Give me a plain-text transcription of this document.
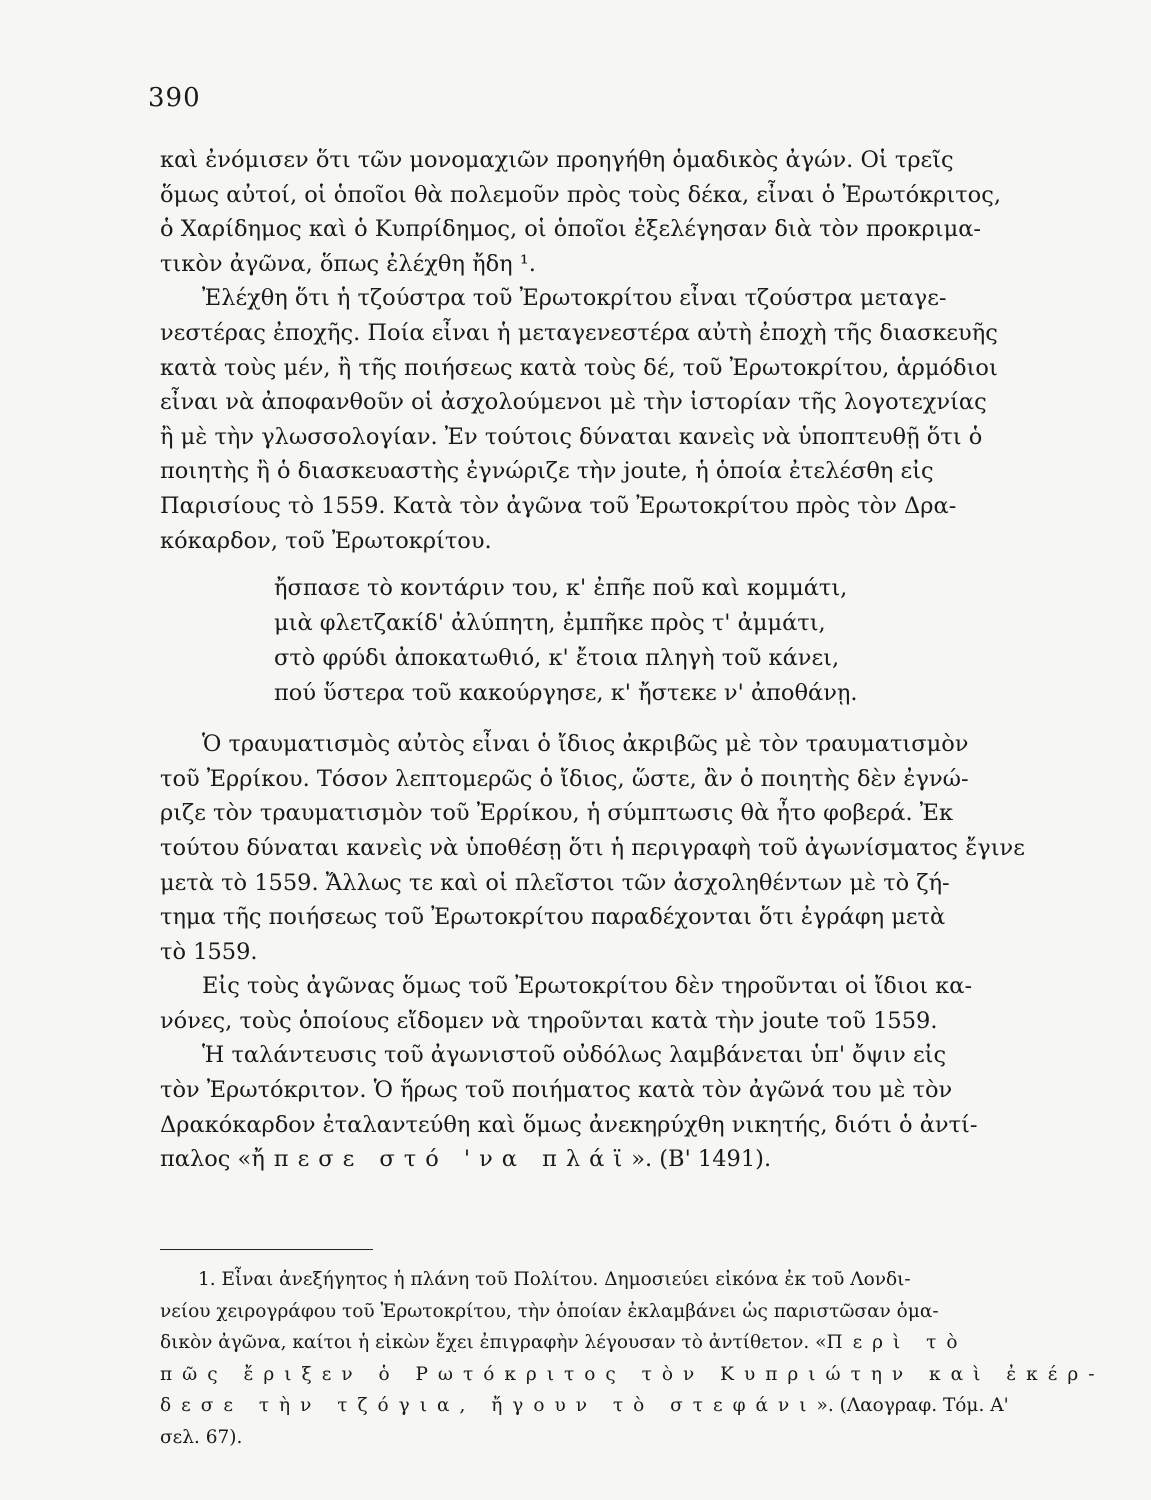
390
καὶ ἐνόμισεν ὅτι τῶν μονομαχιῶν προηγήθη ὁμαδικὸς ἀγών. Οἱ τρεῖς
ὅμως αὐτοί, οἱ ὁποῖοι θὰ πολεμοῦν πρὸς τοὺς δέκα, εἶναι ὁ Ἐρωτόκριτος,
ὁ Χαρίδημος καὶ ὁ Κυπρίδημος, οἱ ὁποῖοι ἐξελέγησαν διὰ τὸν προκριμα-
τικὸν ἀγῶνα, ὅπως ἐλέχθη ἤδη ¹.
Ἐλέχθη ὅτι ἡ τζούστρα τοῦ Ἐρωτοκρίτου εἶναι τζούστρα μεταγε-
νεστέρας ἐποχῆς. Ποία εἶναι ἡ μεταγενεστέρα αὐτὴ ἐποχὴ τῆς διασκευῆς
κατὰ τοὺς μέν, ἢ τῆς ποιήσεως κατὰ τοὺς δέ, τοῦ Ἐρωτοκρίτου, ἁρμόδιοι
εἶναι νὰ ἀποφανθοῦν οἱ ἀσχολούμενοι μὲ τὴν ἱστορίαν τῆς λογοτεχνίας
ἢ μὲ τὴν γλωσσολογίαν. Ἐν τούτοις δύναται κανεὶς νὰ ὑποπτευθῇ ὅτι ὁ
ποιητὴς ἢ ὁ διασκευαστὴς ἐγνώριζε τὴν joute, ἡ ὁποία ἐτελέσθη εἰς
Παρισίους τὸ 1559. Κατὰ τὸν ἀγῶνα τοῦ Ἐρωτοκρίτου πρὸς τὸν Δρα-
κόκαρδον, τοῦ Ἐρωτοκρίτου.
ἤσπασε τὸ κοντάριν του, κ' ἐπῆε ποῦ καὶ κομμάτι,
μιὰ φλετζακίδ' ἀλύπητη, ἐμπῆκε πρὸς τ' ἀμμάτι,
στὸ φρύδι ἀποκατωθιό, κ' ἔτοια πληγὴ τοῦ κάνει,
πού ὕστερα τοῦ κακούργησε, κ' ἤστεκε ν' ἀποθάνῃ.
Ὁ τραυματισμὸς αὐτὸς εἶναι ὁ ἴδιος ἀκριβῶς μὲ τὸν τραυματισμὸν
τοῦ Ἐρρίκου. Τόσον λεπτομερῶς ὁ ἴδιος, ὥστε, ἂν ὁ ποιητὴς δὲν ἐγνώ-
ριζε τὸν τραυματισμὸν τοῦ Ἐρρίκου, ἡ σύμπτωσις θὰ ἦτο φοβερά. Ἐκ
τούτου δύναται κανεὶς νὰ ὑποθέσῃ ὅτι ἡ περιγραφὴ τοῦ ἀγωνίσματος ἔγινε
μετὰ τὸ 1559. Ἄλλως τε καὶ οἱ πλεῖστοι τῶν ἀσχοληθέντων μὲ τὸ ζή-
τημα τῆς ποιήσεως τοῦ Ἐρωτοκρίτου παραδέχονται ὅτι ἐγράφη μετὰ
τὸ 1559.
Εἰς τοὺς ἀγῶνας ὅμως τοῦ Ἐρωτοκρίτου δὲν τηροῦνται οἱ ἴδιοι κα-
νόνες, τοὺς ὁποίους εἴδομεν νὰ τηροῦνται κατὰ τὴν joute τοῦ 1559.
Ἡ ταλάντευσις τοῦ ἀγωνιστοῦ οὐδόλως λαμβάνεται ὑπ' ὄψιν εἰς
τὸν Ἐρωτόκριτον. Ὁ ἥρως τοῦ ποιήματος κατὰ τὸν ἀγῶνά του μὲ τὸν
Δρακόκαρδον ἐταλαντεύθη καὶ ὅμως ἀνεκηρύχθη νικητής, διότι ὁ ἀντί-
παλος «ἤπεσε στό 'να πλάϊ». (Β' 1491).
1. Εἶναι ἀνεξήγητος ἡ πλάνη τοῦ Πολίτου. Δημοσιεύει εἰκόνα ἐκ τοῦ Λονδι-
νείου χειρογράφου τοῦ Ἐρωτοκρίτου, τὴν ὁποίαν ἐκλαμβάνει ὡς παριστῶσαν ὁμα-
δικὸν ἀγῶνα, καίτοι ἡ εἰκὼν ἔχει ἐπιγραφὴν λέγουσαν τὸ ἀντίθετον. «Περὶ τὸ
πῶς ἔριξεν ὁ Ρωτόκριτος τὸν Κυπριώτην καὶ ἐκέρ-
δεσε τὴν τζόγια, ἤγουν τὸ στεφάνι». (Λαογραφ. Τόμ. Α'
σελ. 67).
